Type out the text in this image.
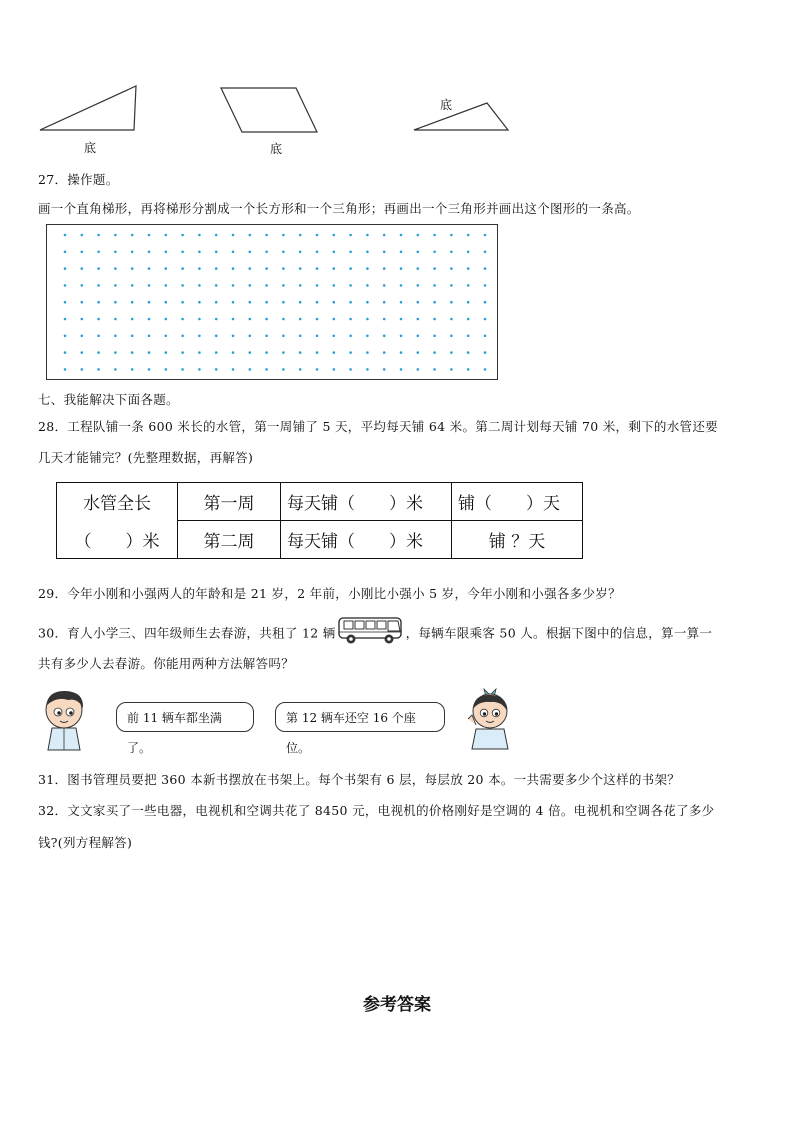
底	底
底
27．操作题。
画一个直角梯形，再将梯形分割成一个长方形和一个三角形；再画出一个三角形并画出这个图形的一条高。
七、我能解决下面各题。
28．工程队铺一条 600 米长的水管，第一周铺了 5 天，平均每天铺 64 米。第二周计划每天铺 70 米，剩下的水管还要
几天才能铺完？(先整理数据，再解答)
水管全长	第一周	每天铺（　　）米	铺（　　）天
（　　）米	第二周	每天铺（　　）米	铺 ？天
29．今年小刚和小强两人的年龄和是 21 岁，2 年前，小刚比小强小 5 岁，今年小刚和小强各多少岁？
30．育人小学三、四年级师生去春游，共租了 12 辆	，每辆车限乘客 50 人。根据下图中的信息，算一算一
共有多少人去春游。你能用两种方法解答吗？
前 11 辆车都坐满了。
第 12 辆车还空 16 个座位。
31．图书管理员要把 360 本新书摆放在书架上。每个书架有 6 层，每层放 20 本。一共需要多少个这样的书架？
32．文文家买了一些电器，电视机和空调共花了 8450 元，电视机的价格刚好是空调的 4 倍。电视机和空调各花了多少
钱?(列方程解答)
参考答案
